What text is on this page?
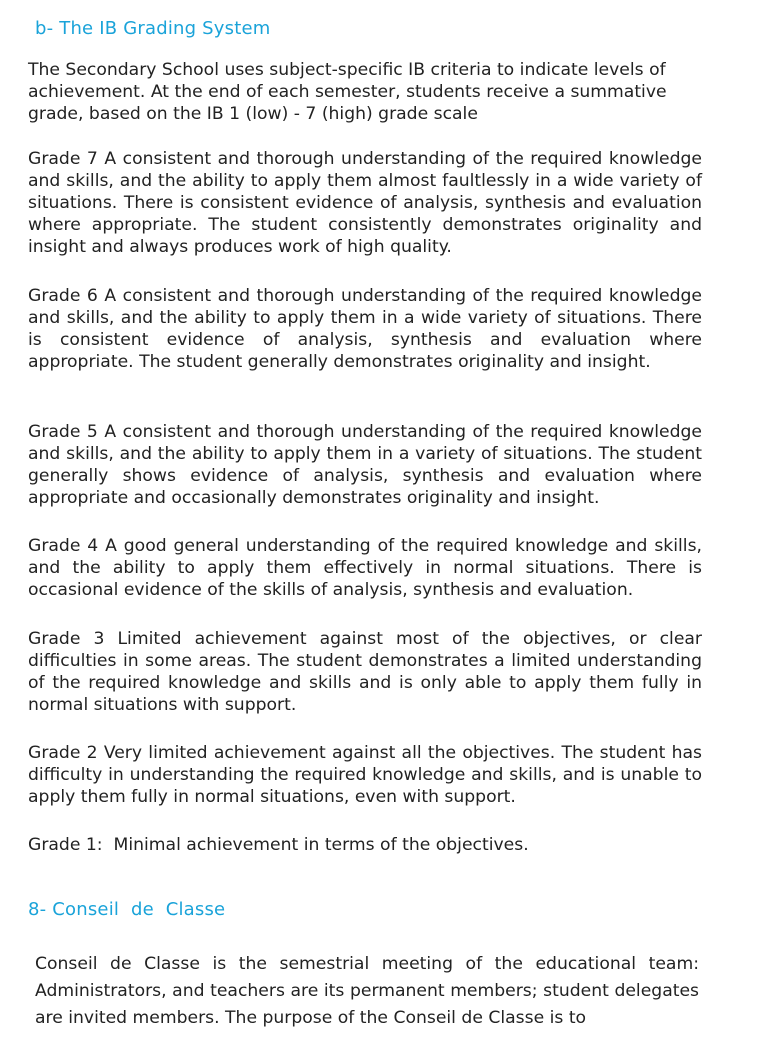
b- The IB Grading System

The Secondary School uses subject-specific IB criteria to indicate levels of achievement. At the end of each semester, students receive a summative grade, based on the IB 1 (low) - 7 (high) grade scale

Grade 7 A consistent and thorough understanding of the required knowledge and skills, and the ability to apply them almost faultlessly in a wide variety of situations. There is consistent evidence of analysis, synthesis and evaluation where appropriate. The student consistently demonstrates originality and insight and always produces work of high quality.

Grade 6 A consistent and thorough understanding of the required knowledge and skills, and the ability to apply them in a wide variety of situations. There is consistent evidence of analysis, synthesis and evaluation where appropriate. The student generally demonstrates originality and insight.

Grade 5 A consistent and thorough understanding of the required knowledge and skills, and the ability to apply them in a variety of situations. The student generally shows evidence of analysis, synthesis and evaluation where appropriate and occasionally demonstrates originality and insight.

Grade 4 A good general understanding of the required knowledge and skills, and the ability to apply them effectively in normal situations. There is occasional evidence of the skills of analysis, synthesis and evaluation.

Grade 3 Limited achievement against most of the objectives, or clear difficulties in some areas. The student demonstrates a limited understanding of the required knowledge and skills and is only able to apply them fully in normal situations with support.

Grade 2 Very limited achievement against all the objectives. The student has difficulty in understanding the required knowledge and skills, and is unable to apply them fully in normal situations, even with support.

Grade 1:  Minimal achievement in terms of the objectives.

8- Conseil  de  Classe

Conseil de Classe is the semestrial meeting of the educational team: Administrators, and teachers are its permanent members; student delegates are invited members. The purpose of the Conseil de Classe is to
